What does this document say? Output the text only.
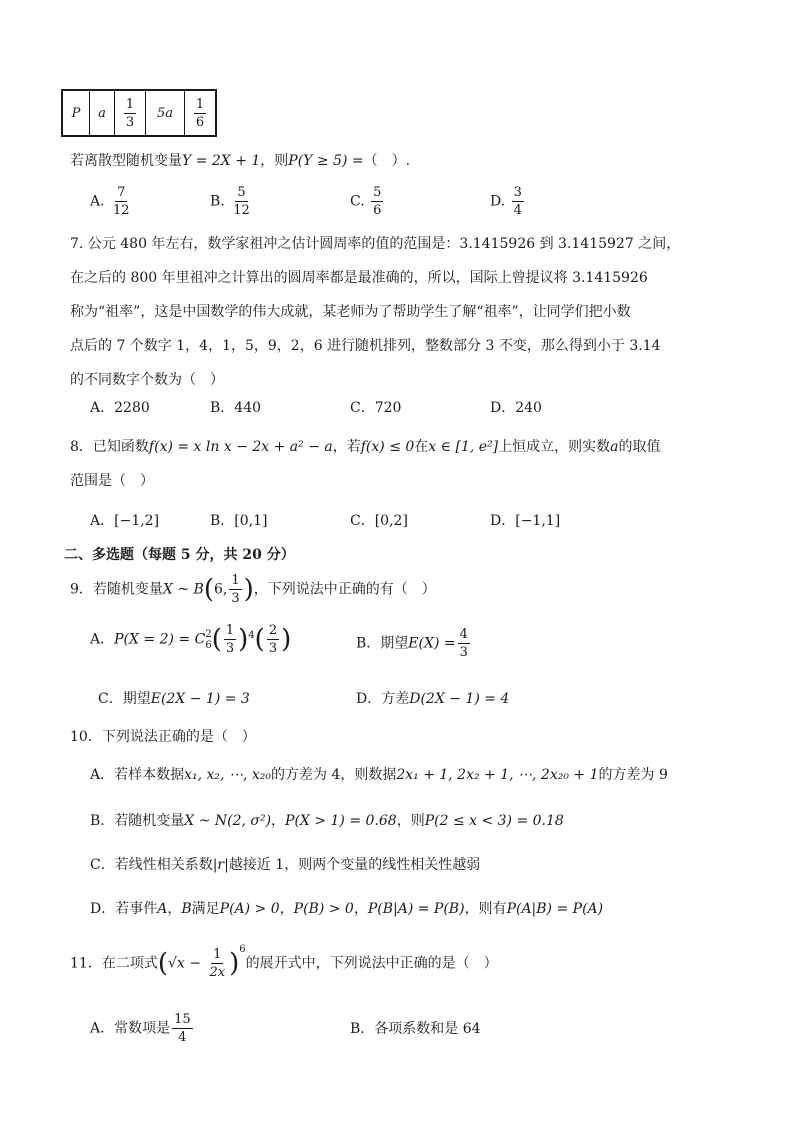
P	a	$\frac{1}{3}$	5a	$\frac{1}{6}$
若离散型随机变量Y = 2X + 1，则P(Y ≥ 5) =（　）.
A. $\frac{7}{12}$	B. $\frac{5}{12}$	C. $\frac{5}{6}$	D. $\frac{3}{4}$
7. 公元 480 年左右，数学家祖冲之估计圆周率的值的范围是：3.1415926 到 3.1415927 之间，
在之后的 800 年里祖冲之计算出的圆周率都是最准确的，所以，国际上曾提议将 3.1415926
称为“祖率”，这是中国数学的伟大成就，某老师为了帮助学生了解“祖率”，让同学们把小数
点后的 7 个数字 1，4，1，5，9，2，6 进行随机排列，整数部分 3 不变，那么得到小于 3.14
的不同数字个数为（　）
A．2280	B．440	C．720	D．240
8．已知函数f(x) = x ln x − 2x + a² − a，若f(x) ≤ 0在x ∈ [1, e²]上恒成立，则实数a的取值
范围是（　）
A．[−1,2]	B．[0,1]	C．[0,2]	D．[−1,1]
二、多选题（每题 5 分，共 20 分）
9．若随机变量X ~ B(6, $\frac{1}{3}$ )，下列说法中正确的有（　）
A．P(X = 2) = C 2
6 ( $\frac{1}{3} )^4( \frac{2}{3}$ )	B．期望$E(X) = \frac{4}{3}$
C．期望E(2X − 1) = 3	D．方差D(2X − 1) = 4
10．下列说法正确的是（　）
A．若样本数据x₁, x₂, ⋯, x₂₀的方差为 4，则数据2x₁ + 1, 2x₂ + 1, ⋯, 2x₂₀ + 1的方差为 9
B．若随机变量X ~ N(2, σ²)，P(X > 1) = 0.68，则P(2 ≤ x < 3) = 0.18
C．若线性相关系数|r|越接近 1，则两个变量的线性相关性越弱
D．若事件A，B满足P(A) > 0，P(B) > 0，P(B|A) = P(B)，则有P(A|B) = P(A)
11．在二项式$(√x - \frac{1}{2x} )^6$的展开式中，下列说法中正确的是（　）
A．常数项是 $\frac{15}{4}$	B．各项系数和是 64
